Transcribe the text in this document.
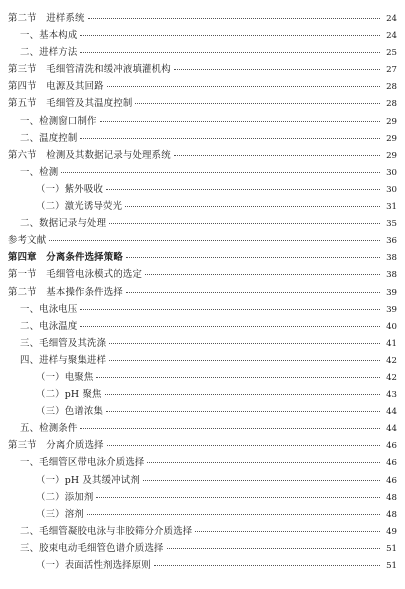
第二节　进样系统	24
一、基本构成	24
二、进样方法	25
第三节　毛细管清洗和缓冲液填灌机构	27
第四节　电源及其回路	28
第五节　毛细管及其温度控制	28
一、检测窗口制作	29
二、温度控制	29
第六节　检测及其数据记录与处理系统	29
一、检测	30
（一）紫外吸收	30
（二）激光诱导荧光	31
二、数据记录与处理	35
参考文献	36
第四章　分离条件选择策略	38
第一节　毛细管电泳模式的选定	38
第二节　基本操作条件选择	39
一、电泳电压	39
二、电泳温度	40
三、毛细管及其洗涤	41
四、进样与聚集进样	42
（一）电聚焦	42
（二）pH 聚焦	43
（三）色谱浓集	44
五、检测条件	44
第三节　分离介质选择	46
一、毛细管区带电泳介质选择	46
（一）pH 及其缓冲试剂	46
（二）添加剂	48
（三）溶剂	48
二、毛细管凝胶电泳与非胶筛分介质选择	49
三、胶束电动毛细管色谱介质选择	51
（一）表面活性剂选择原则	51
